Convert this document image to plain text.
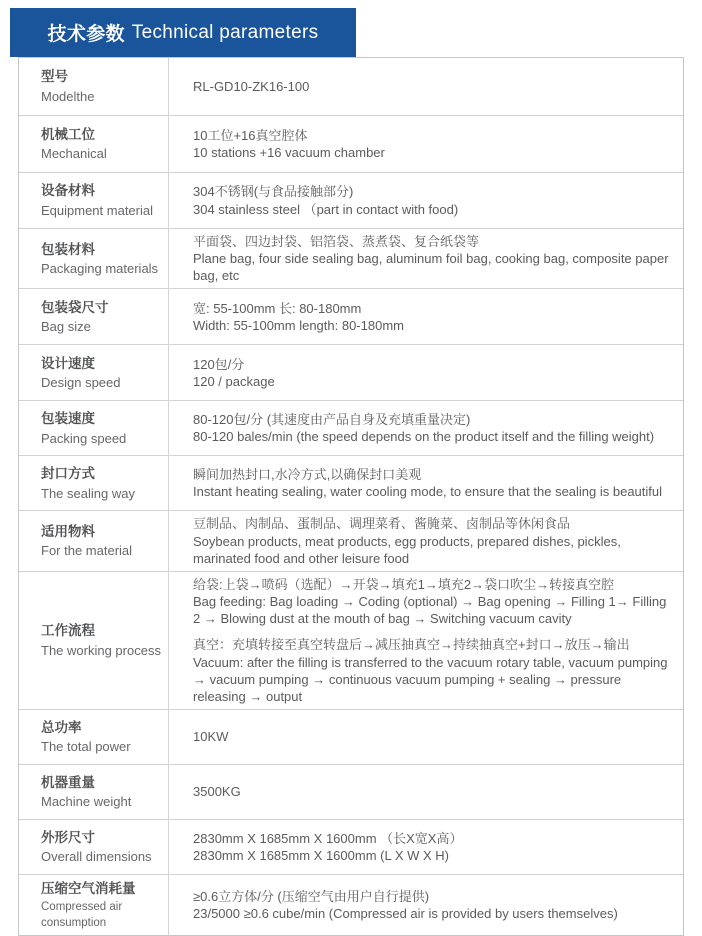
技术参数 Technical parameters
型号
Modelthe
RL-GD10-ZK16-100
机械工位
Mechanical
10工位+16真空腔体
10 stations +16 vacuum chamber
设备材料
Equipment material
304不锈钢(与食品接触部分)
304 stainless steel （part in contact with food)
包装材料
Packaging materials
平面袋、四边封袋、铝箔袋、蒸煮袋、复合纸袋等
Plane bag, four side sealing bag, aluminum foil bag, cooking bag, composite paper bag, etc
包装袋尺寸
Bag size
宽: 55-100mm 长: 80-180mm
Width: 55-100mm length: 80-180mm
设计速度
Design speed
120包/分
120 / package
包装速度
Packing speed
80-120包/分 (其速度由产品自身及充填重量决定)
80-120 bales/min (the speed depends on the product itself and the filling weight)
封口方式
The sealing way
瞬间加热封口,水冷方式,以确保封口美观
Instant heating sealing, water cooling mode, to ensure that the sealing is beautiful
适用物料
For the material
豆制品、肉制品、蛋制品、调理菜肴、酱腌菜、卤制品等休闲食品
Soybean products, meat products, egg products, prepared dishes, pickles, marinated food and other leisure food
工作流程
The working process
给袋:上袋→喷码（选配）→开袋→填充1→填充2→袋口吹尘→转接真空腔
Bag feeding: Bag loading → Coding (optional) → Bag opening → Filling 1→ Filling 2 → Blowing dust at the mouth of bag → Switching vacuum cavity
真空：充填转接至真空转盘后→减压抽真空→持续抽真空+封口→放压→输出
Vacuum: after the filling is transferred to the vacuum rotary table, vacuum pumping → vacuum pumping → continuous vacuum pumping + sealing → pressure releasing → output
总功率
The total power
10KW
机器重量
Machine weight
3500KG
外形尺寸
Overall dimensions
2830mm X 1685mm X 1600mm （长X宽X高）
2830mm X 1685mm X 1600mm (L X W X H)
压缩空气消耗量
Compressed air consumption
≥0.6立方体/分 (压缩空气由用户自行提供)
23/5000 ≥0.6 cube/min (Compressed air is provided by users themselves)
